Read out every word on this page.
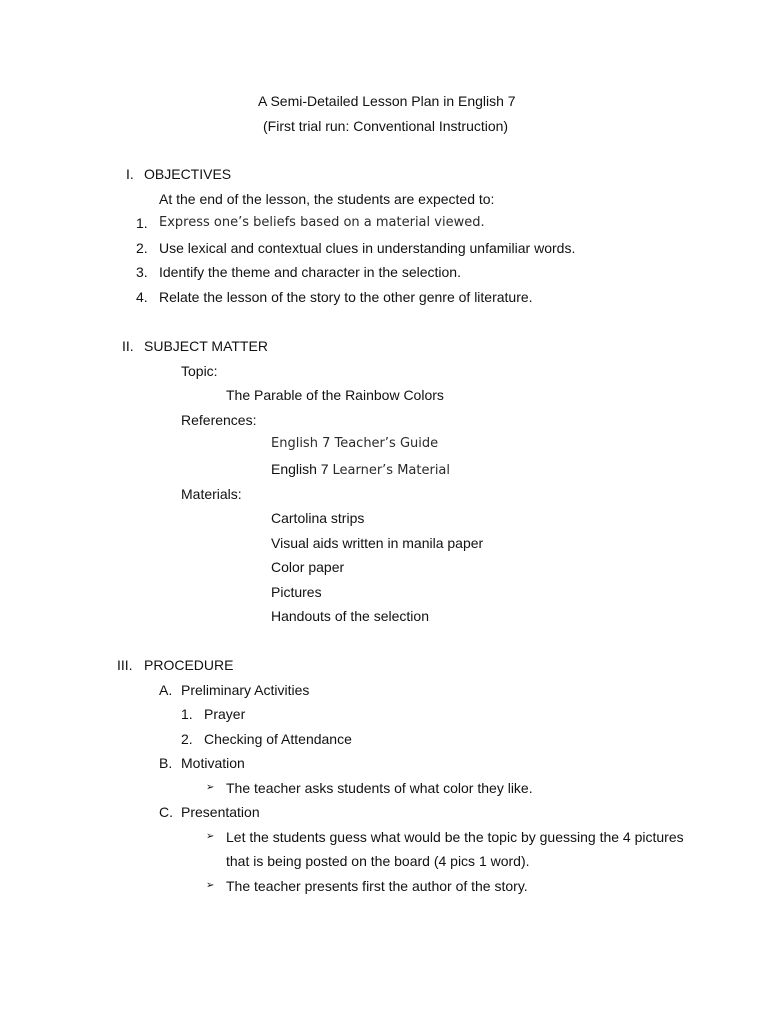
A Semi-Detailed Lesson Plan in English 7
(First trial run: Conventional Instruction)
I. OBJECTIVES
At the end of the lesson, the students are expected to:
1. Express one’s beliefs based on a material viewed.
2. Use lexical and contextual clues in understanding unfamiliar words.
3. Identify the theme and character in the selection.
4. Relate the lesson of the story to the other genre of literature.
II. SUBJECT MATTER
Topic:
The Parable of the Rainbow Colors
References:
English 7 Teacher’s Guide
English 7 Learner’s Material
Materials:
Cartolina strips
Visual aids written in manila paper
Color paper
Pictures
Handouts of the selection
III. PROCEDURE
A. Preliminary Activities
1. Prayer
2. Checking of Attendance
B. Motivation
➢ The teacher asks students of what color they like.
C. Presentation
➢ Let the students guess what would be the topic by guessing the 4 pictures
that is being posted on the board (4 pics 1 word).
➢ The teacher presents first the author of the story.
